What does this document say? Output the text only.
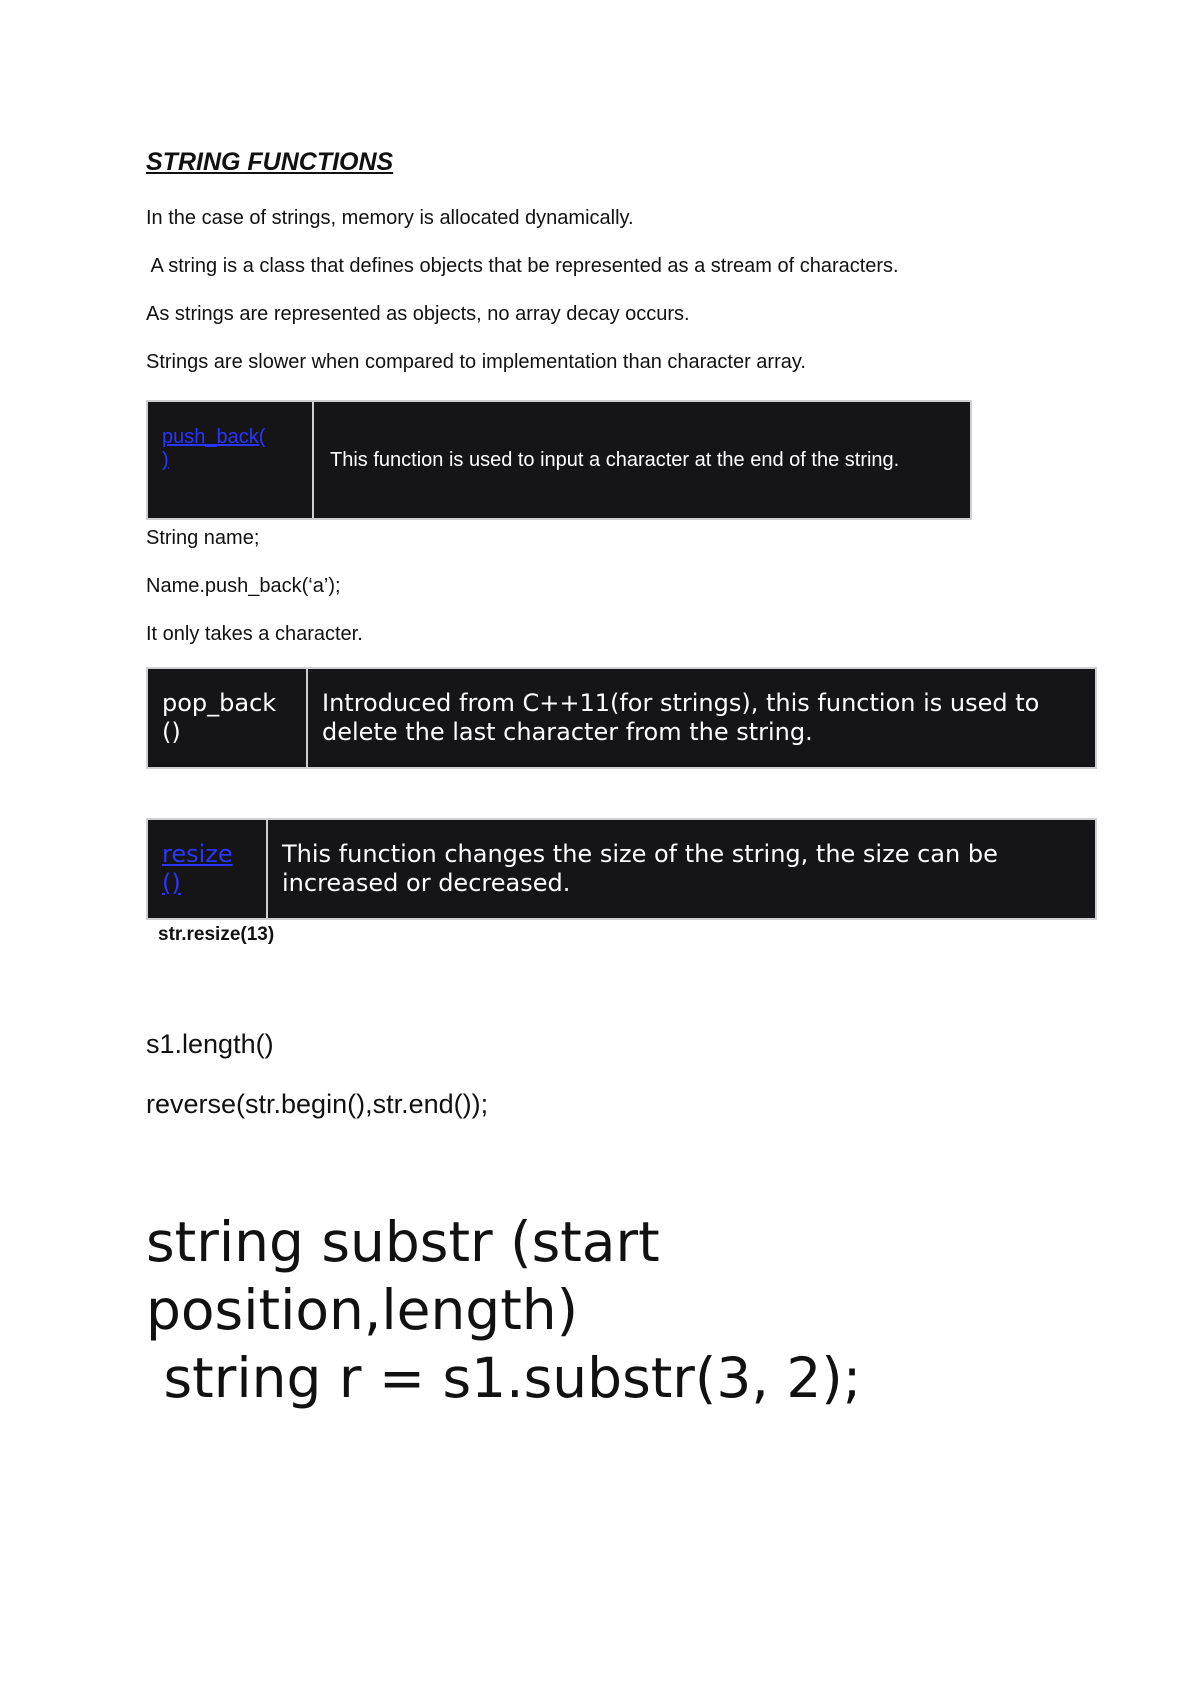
STRING FUNCTIONS
In the case of strings, memory is allocated dynamically.
A string is a class that defines objects that be represented as a stream of characters.
As strings are represented as objects, no array decay occurs.
Strings are slower when compared to implementation than character array.
push_back(
)	This function is used to input a character at the end of the string.
String name;
Name.push_back(‘a’);
It only takes a character.
pop_back
()	Introduced from C++11(for strings), this function is used to delete the last character from the string.
resize
()	This function changes the size of the string, the size can be increased or decreased.
str.resize(13)
s1.length()
reverse(str.begin(),str.end());
string substr (start
position,length)
string r = s1.substr(3, 2);
